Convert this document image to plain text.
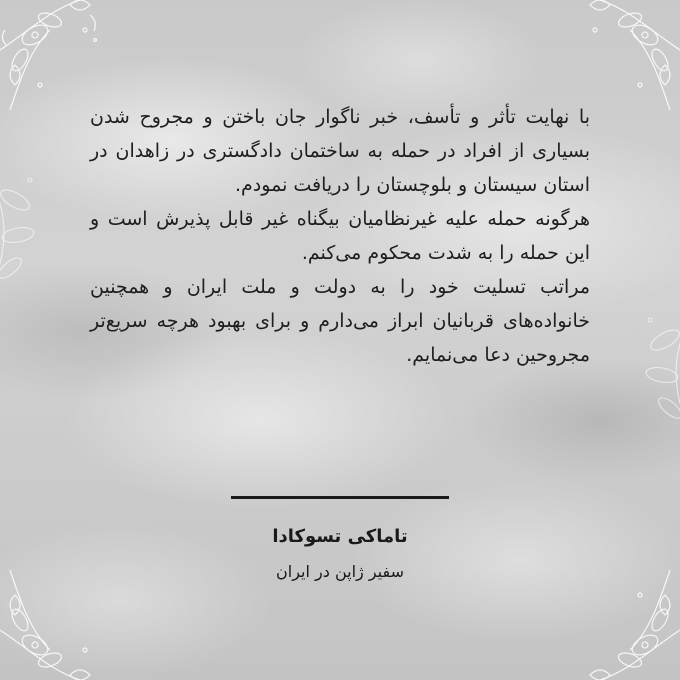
با نهایت تأثر و تأسف، خبر ناگوار جان باختن و مجروح شدن بسیاری از افراد در حمله به ساختمان دادگستری در زاهدان در استان سیستان و بلوچستان را دریافت نمودم.

هرگونه حمله علیه غیرنظامیان بیگناه غیر قابل پذیرش است و این حمله را به شدت محکوم می‌کنم.

مراتب تسلیت خود را به دولت و ملت ایران و همچنین خانواده‌های قربانیان ابراز می‌دارم و برای بهبود هرچه سریع‌تر مجروحین دعا می‌نمایم.

تاماکی تسوکادا
سفیر ژاپن در ایران
